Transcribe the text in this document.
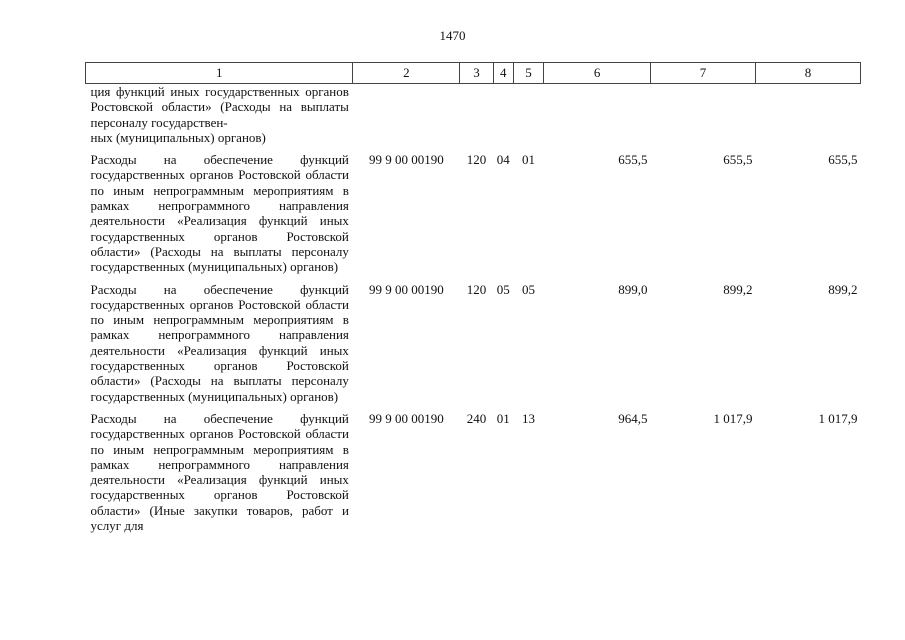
1470
1	2	3	4	5	6	7	8
ция функций иных государственных органов Ростовской области» (Расходы на выплаты персоналу государствен-
ных (муниципальных) органов)							
Расходы на обеспечение функций государственных органов Ростовской области по иным непрограммным мероприятиям в рамках непрограммного направления деятельности «Реализация функций иных государственных органов Ростовской области» (Расходы на выплаты персоналу государственных (муниципальных) органов)	99 9 00 00190	120	04	01	655,5	655,5	655,5
Расходы на обеспечение функций государственных органов Ростовской области по иным непрограммным мероприятиям в рамках непрограммного направления деятельности «Реализация функций иных государственных органов Ростовской области» (Расходы на выплаты персоналу государственных (муниципальных) органов)	99 9 00 00190	120	05	05	899,0	899,2	899,2
Расходы на обеспечение функций государственных органов Ростовской области по иным непрограммным мероприятиям в рамках непрограммного направления деятельности «Реализация функций иных государственных органов Ростовской области» (Иные закупки товаров, работ и услуг для	99 9 00 00190	240	01	13	964,5	1 017,9	1 017,9
